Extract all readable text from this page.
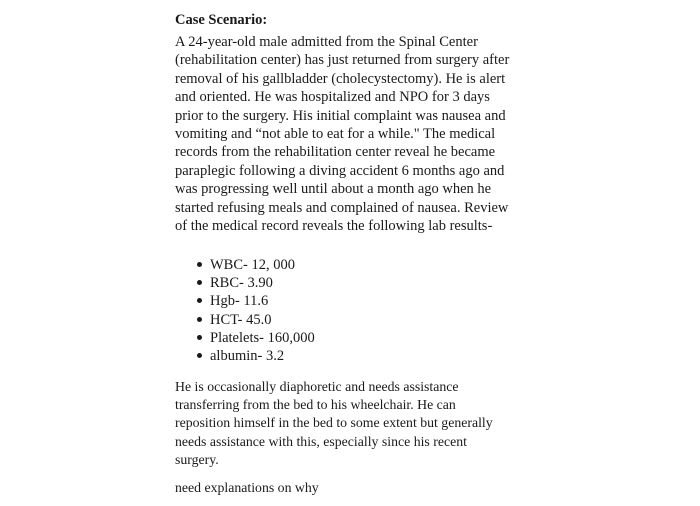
Case Scenario:
A 24-year-old male admitted from the Spinal Center
(rehabilitation center) has just returned from surgery after
removal of his gallbladder (cholecystectomy). He is alert
and oriented. He was hospitalized and NPO for 3 days
prior to the surgery. His initial complaint was nausea and
vomiting and “not able to eat for a while." The medical
records from the rehabilitation center reveal he became
paraplegic following a diving accident 6 months ago and
was progressing well until about a month ago when he
started refusing meals and complained of nausea. Review
of the medical record reveals the following lab results-
WBC- 12, 000
RBC- 3.90
Hgb- 11.6
HCT- 45.0
Platelets- 160,000
albumin- 3.2
He is occasionally diaphoretic and needs assistance
transferring from the bed to his wheelchair. He can
reposition himself in the bed to some extent but generally
needs assistance with this, especially since his recent
surgery.
need explanations on why
